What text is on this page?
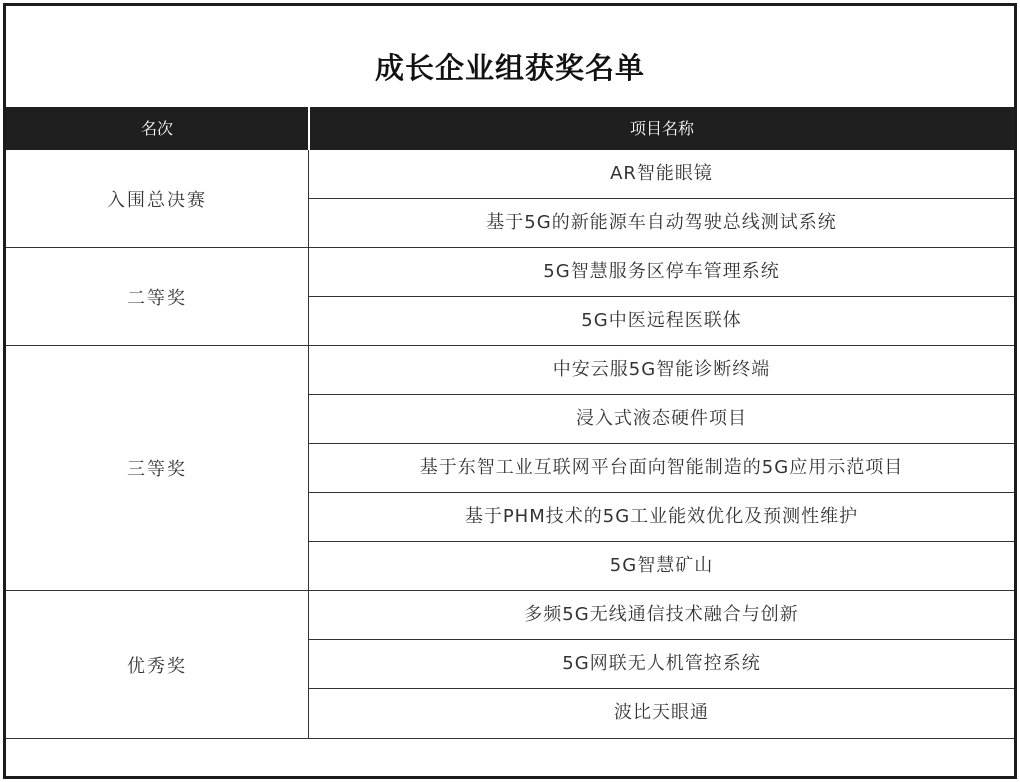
成长企业组获奖名单
名次	项目名称
入围总决赛
AR智能眼镜
基于5G的新能源车自动驾驶总线测试系统
二等奖
5G智慧服务区停车管理系统
5G中医远程医联体
三等奖
中安云服5G智能诊断终端
浸入式液态硬件项目
基于东智工业互联网平台面向智能制造的5G应用示范项目
基于PHM技术的5G工业能效优化及预测性维护
5G智慧矿山
优秀奖
多频5G无线通信技术融合与创新
5G网联无人机管控系统
波比天眼通
